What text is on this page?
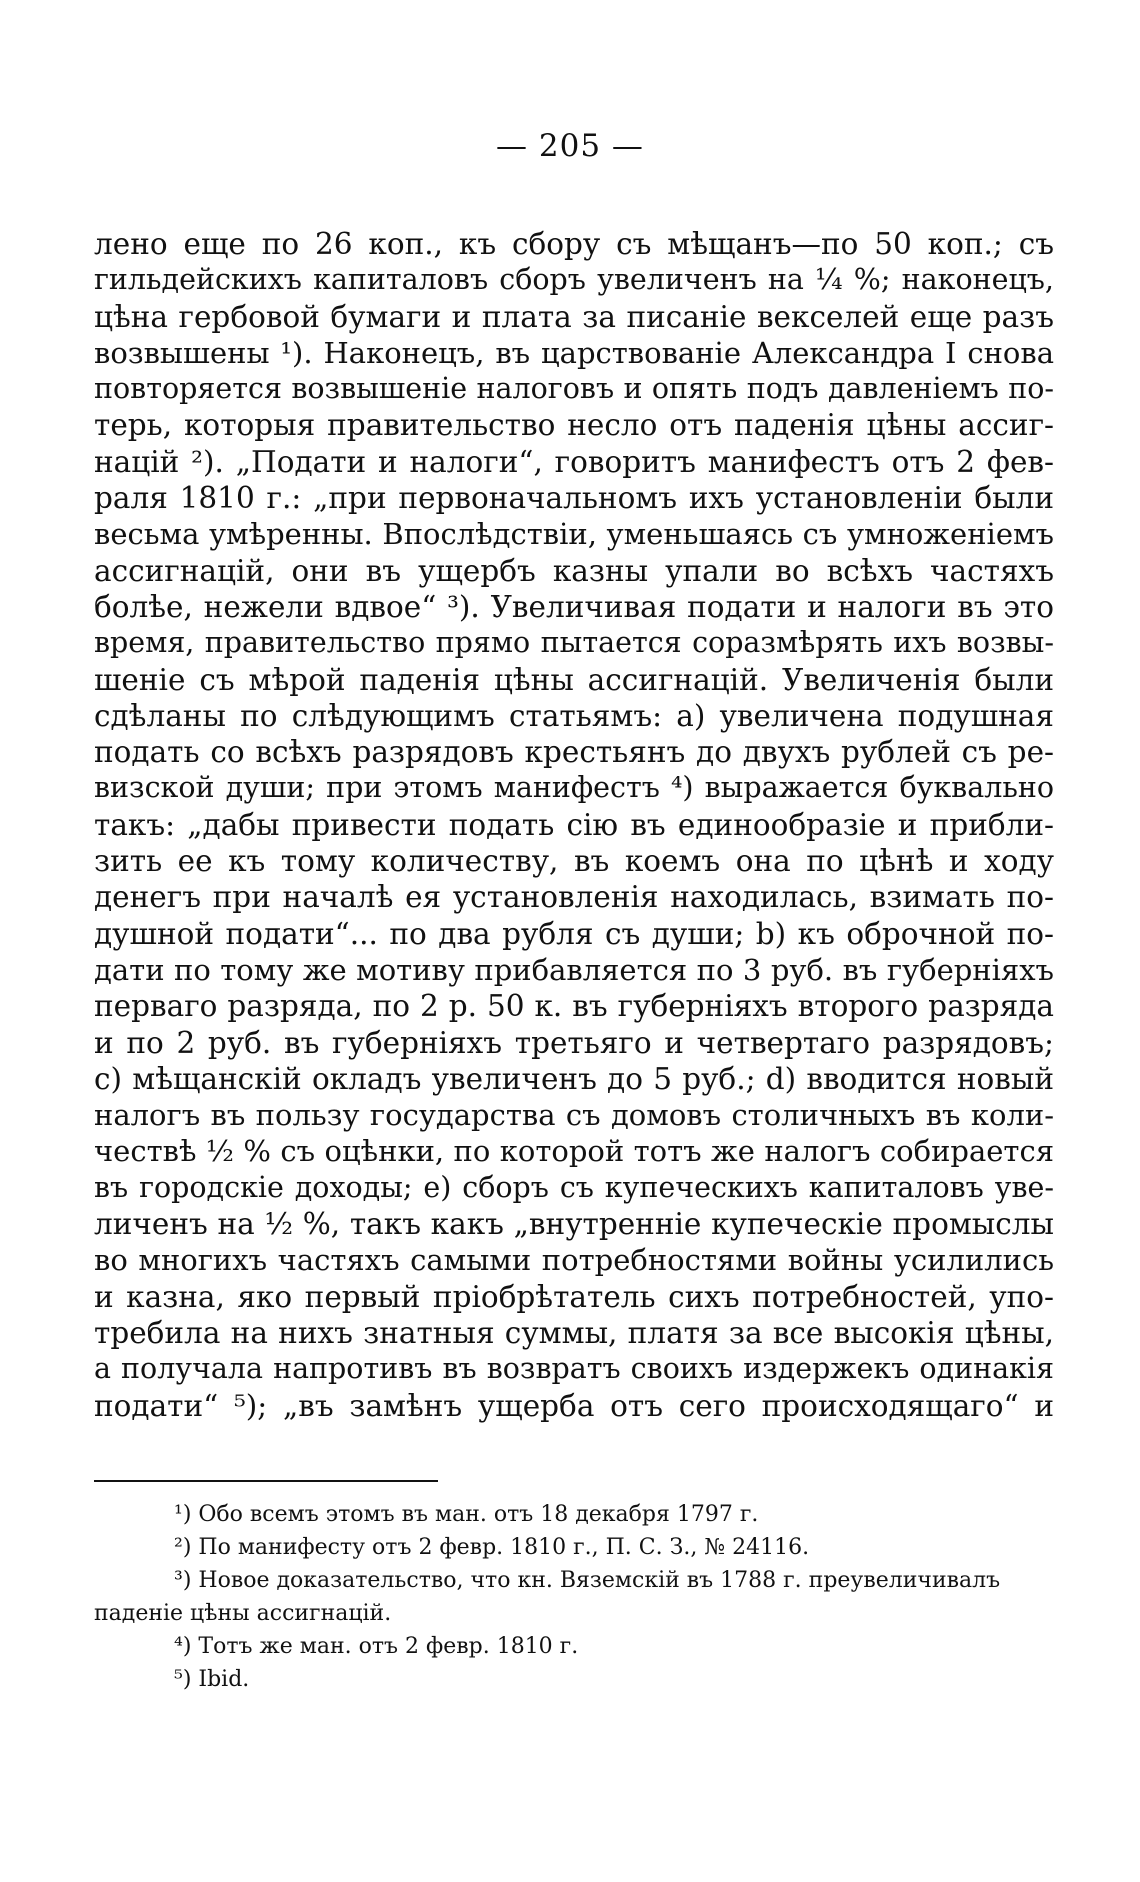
— 205 —
лено еще по 26 коп., къ сбору съ мѣщанъ—по 50 коп.; съ
гильдейскихъ капиталовъ сборъ увеличенъ на ¼ %; наконецъ,
цѣна гербовой бумаги и плата за писаніе векселей еще разъ
возвышены ¹). Наконецъ, въ царствованіе Александра I снова
повторяется возвышеніе налоговъ и опять подъ давленіемъ по-
терь, которыя правительство несло отъ паденія цѣны ассиг-
націй ²). „Подати и налоги“, говоритъ манифестъ отъ 2 фев-
раля 1810 г.: „при первоначальномъ ихъ установленіи были
весьма умѣренны. Впослѣдствіи, уменьшаясь съ умноженіемъ
ассигнацій, они въ ущербъ казны упали во всѣхъ частяхъ
болѣе, нежели вдвое“ ³). Увеличивая подати и налоги въ это
время, правительство прямо пытается соразмѣрять ихъ возвы-
шеніе съ мѣрой паденія цѣны ассигнацій. Увеличенія были
сдѣланы по слѣдующимъ статьямъ: a) увеличена подушная
подать со всѣхъ разрядовъ крестьянъ до двухъ рублей съ ре-
визской души; при этомъ манифестъ ⁴) выражается буквально
такъ: „дабы привести подать сію въ единообразіе и прибли-
зить ее къ тому количеству, въ коемъ она по цѣнѣ и ходу
денегъ при началѣ ея установленія находилась, взимать по-
душной подати“... по два рубля съ души; b) къ оброчной по-
дати по тому же мотиву прибавляется по 3 руб. въ губерніяхъ
перваго разряда, по 2 р. 50 к. въ губерніяхъ второго разряда
и по 2 руб. въ губерніяхъ третьяго и четвертаго разрядовъ;
c) мѣщанскій окладъ увеличенъ до 5 руб.; d) вводится новый
налогъ въ пользу государства съ домовъ столичныхъ въ коли-
чествѣ ½ % съ оцѣнки, по которой тотъ же налогъ собирается
въ городскіе доходы; e) сборъ съ купеческихъ капиталовъ уве-
личенъ на ½ %, такъ какъ „внутренніе купеческіе промыслы
во многихъ частяхъ самыми потребностями войны усилились
и казна, яко первый пріобрѣтатель сихъ потребностей, упо-
требила на нихъ знатныя суммы, платя за все высокія цѣны,
а получала напротивъ въ возвратъ своихъ издержекъ одинакія
подати“ ⁵); „въ замѣнъ ущерба отъ сего происходящаго“ и
¹) Обо всемъ этомъ въ ман. отъ 18 декабря 1797 г.
²) По манифесту отъ 2 февр. 1810 г., П. С. З., № 24116.
³) Новое доказательство, что кн. Вяземскій въ 1788 г. преувеличивалъ
паденіе цѣны ассигнацій.
⁴) Тотъ же ман. отъ 2 февр. 1810 г.
⁵) Ibid.
